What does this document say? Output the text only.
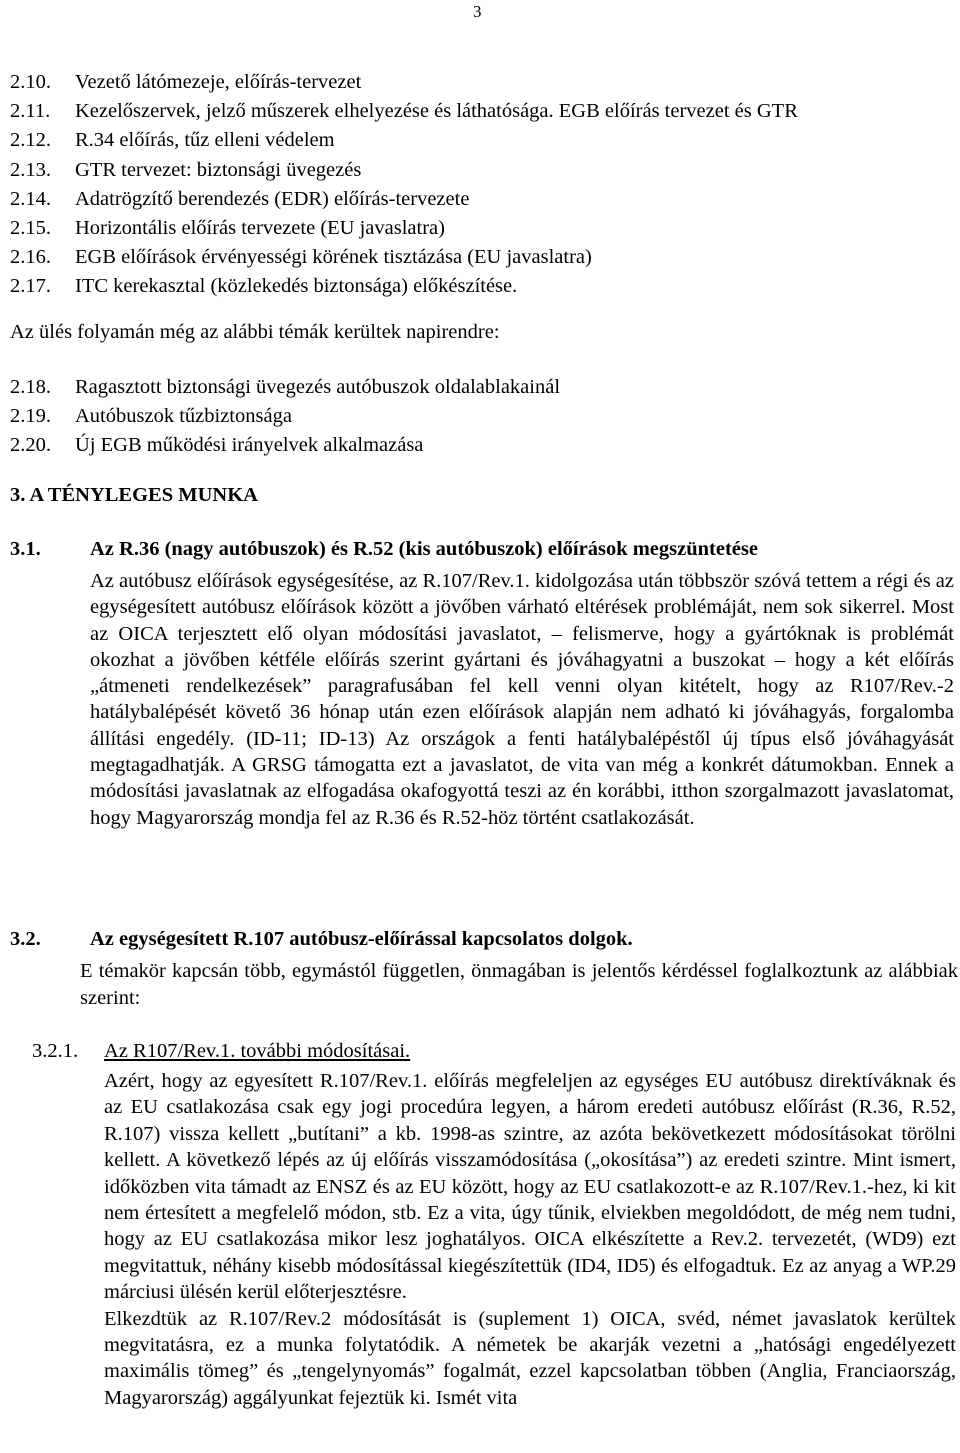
3
2.10. Vezető látómezeje, előírás-tervezet
2.11. Kezelőszervek, jelző műszerek elhelyezése és láthatósága. EGB előírás tervezet és GTR
2.12. R.34 előírás, tűz elleni védelem
2.13. GTR tervezet: biztonsági üvegezés
2.14. Adatrögzítő berendezés (EDR) előírás-tervezete
2.15. Horizontális előírás tervezete (EU javaslatra)
2.16. EGB előírások érvényességi körének tisztázása (EU javaslatra)
2.17. ITC kerekasztal (közlekedés biztonsága) előkészítése.
Az ülés folyamán még az alábbi témák kerültek napirendre:
2.18. Ragasztott biztonsági üvegezés autóbuszok oldalablakainál
2.19. Autóbuszok tűzbiztonsága
2.20. Új EGB működési irányelvek alkalmazása
3. A TÉNYLEGES MUNKA
3.1. Az R.36 (nagy autóbuszok) és R.52 (kis autóbuszok) előírások megszüntetése

Az autóbusz előírások egységesítése, az R.107/Rev.1. kidolgozása után többször szóvá tettem a régi és az egységesített autóbusz előírások között a jövőben várható eltérések problémáját, nem sok sikerrel. Most az OICA terjesztett elő olyan módosítási javaslatot, – felismerve, hogy a gyártóknak is problémát okozhat a jövőben kétféle előírás szerint gyártani és jóváhagyatni a buszokat – hogy a két előírás „átmeneti rendelkezések” paragrafusában fel kell venni olyan kitételt, hogy az R107/Rev.-2 hatálybalépését követő 36 hónap után ezen előírások alapján nem adható ki jóváhagyás, forgalomba állítási engedély. (ID-11; ID-13) Az országok a fenti hatálybalépéstől új típus első jóváhagyását megtagadhatják. A GRSG támogatta ezt a javaslatot, de vita van még a konkrét dátumokban. Ennek a módosítási javaslatnak az elfogadása okafogyottá teszi az én korábbi, itthon szorgalmazott javaslatomat, hogy Magyarország mondja fel az R.36 és R.52-höz történt csatlakozását.

3.2. Az egységesített R.107 autóbusz-előírással kapcsolatos dolgok.

E témakör kapcsán több, egymástól független, önmagában is jelentős kérdéssel foglalkoztunk az alábbiak szerint:

3.2.1. Az R107/Rev.1. további módosításai.

Azért, hogy az egyesített R.107/Rev.1. előírás megfeleljen az egységes EU autóbusz direktíváknak és az EU csatlakozása csak egy jogi procedúra legyen, a három eredeti autóbusz előírást (R.36, R.52, R.107) vissza kellett „butítani” a kb. 1998-as szintre, az azóta bekövetkezett módosításokat törölni kellett. A következő lépés az új előírás visszamódosítása („okosítása”) az eredeti szintre. Mint ismert, időközben vita támadt az ENSZ és az EU között, hogy az EU csatlakozott-e az R.107/Rev.1.-hez, ki kit nem értesített a megfelelő módon, stb. Ez a vita, úgy tűnik, elviekben megoldódott, de még nem tudni, hogy az EU csatlakozása mikor lesz joghatályos. OICA elkészítette a Rev.2. tervezetét, (WD9) ezt megvitattuk, néhány kisebb módosítással kiegészítettük (ID4, ID5) és elfogadtuk. Ez az anyag a WP.29 márciusi ülésén kerül előterjesztésre.

Elkezdtük az R.107/Rev.2 módosítását is (suplement 1) OICA, svéd, német javaslatok kerültek megvitatásra, ez a munka folytatódik. A németek be akarják vezetni a „hatósági engedélyezett maximális tömeg” és „tengelynyomás” fogalmát, ezzel kapcsolatban többen (Anglia, Franciaország, Magyarország) aggályunkat fejeztük ki. Ismét vita
